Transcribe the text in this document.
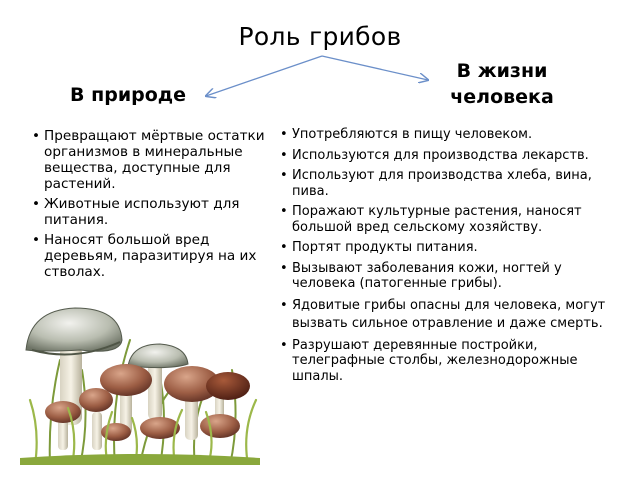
Роль грибов
В природе
В жизни
человека
• Превращают мёртвые остатки организмов в минеральные вещества, доступные для растений.
• Животные используют для питания.
• Наносят большой вред деревьям, паразитируя на их стволах.
• Употребляются в пищу человеком.
• Используются для производства лекарств.
• Используют для производства хлеба, вина, пива.
• Поражают культурные растения, наносят большой вред сельскому хозяйству.
• Портят продукты питания.
• Вызывают заболевания кожи, ногтей у человека (патогенные грибы).
• Ядовитые грибы опасны для человека, могут вызвать сильное отравление и даже смерть.
• Разрушают деревянные постройки, телеграфные столбы, железнодорожные шпалы.
